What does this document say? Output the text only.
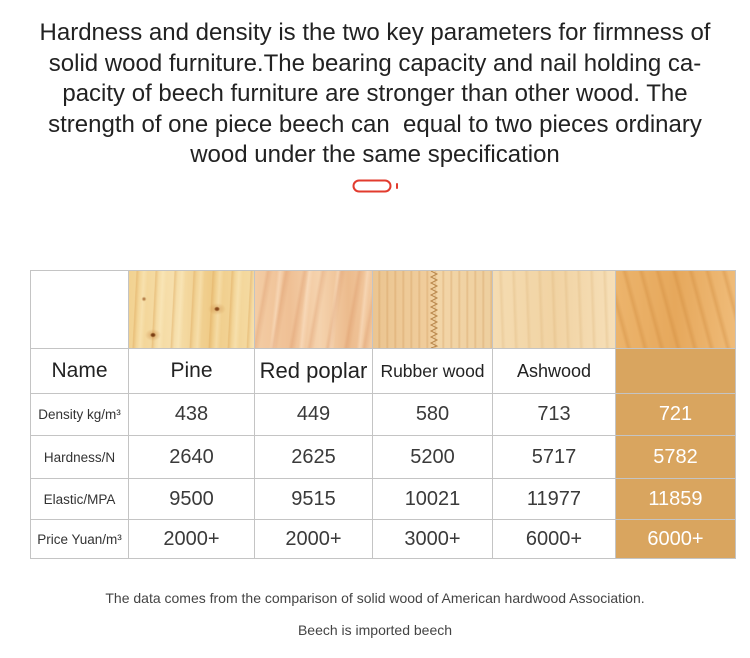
Hardness and density is the two key parameters for firmness of
solid wood furniture.The bearing capacity and nail holding ca-
pacity of beech furniture are stronger than other wood. The
strength of one piece beech can  equal to two pieces ordinary
wood under the same specification

Name	Pine	Red poplar	Rubber wood	Ashwood	
Density kg/m³	438	449	580	713	721
Hardness/N	2640	2625	5200	5717	5782
Elastic/MPA	9500	9515	10021	11977	11859
Price Yuan/m³	2000+	2000+	3000+	6000+	6000+
The data comes from the comparison of solid wood of American hardwood Association.
Beech is imported beech
